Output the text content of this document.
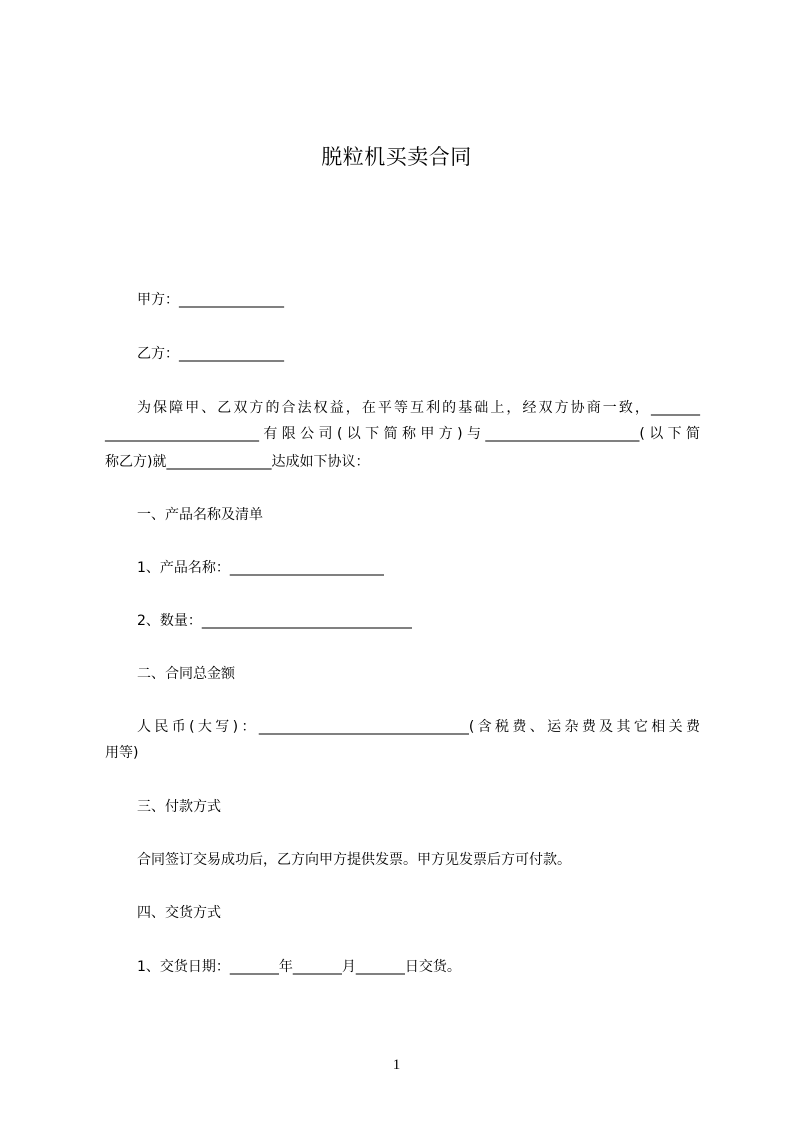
脱粒机买卖合同
甲方：_______________
乙方：_______________
为保障甲、乙双方的合法权益，在平等互利的基础上，经双方协商一致，_______
______________________有限公司(以下简称甲方)与______________________(以下简
称乙方)就_______________达成如下协议：
一、产品名称及清单
1、产品名称：______________________
2、数量：______________________________
二、合同总金额
人民币(大写)：______________________________(含税费、运杂费及其它相关费
用等)
三、付款方式
合同签订交易成功后，乙方向甲方提供发票。甲方见发票后方可付款。
四、交货方式
1、交货日期：_______年_______月_______日交货。
1
